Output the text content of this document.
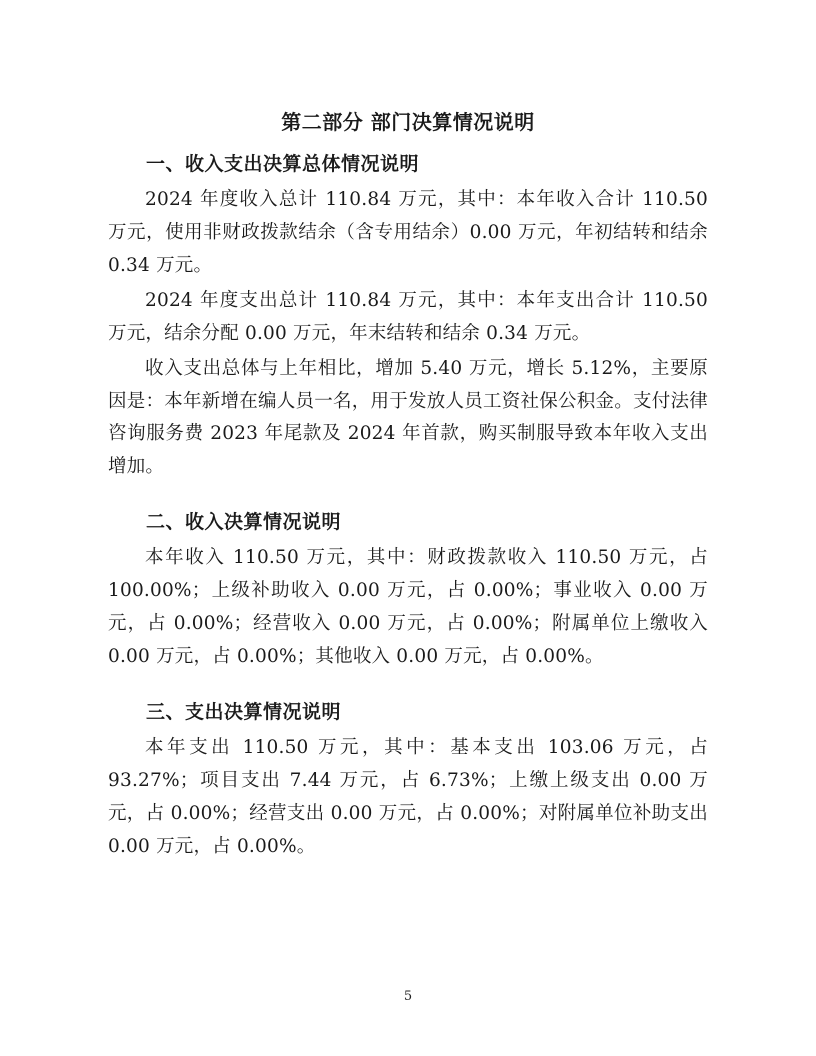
第二部分 部门决算情况说明
一、收入支出决算总体情况说明

2024 年度收入总计 110.84 万元，其中：本年收入合计 110.50 万元，使用非财政拨款结余（含专用结余）0.00 万元，年初结转和结余 0.34 万元。

2024 年度支出总计 110.84 万元，其中：本年支出合计 110.50 万元，结余分配 0.00 万元，年末结转和结余 0.34 万元。

收入支出总体与上年相比，增加 5.40 万元，增长 5.12%，主要原因是：本年新增在编人员一名，用于发放人员工资社保公积金。支付法律咨询服务费 2023 年尾款及 2024 年首款，购买制服导致本年收入支出增加。

二、收入决算情况说明

本年收入 110.50 万元，其中：财政拨款收入 110.50 万元，占 100.00%；上级补助收入 0.00 万元，占 0.00%；事业收入 0.00 万元，占 0.00%；经营收入 0.00 万元，占 0.00%；附属单位上缴收入 0.00 万元，占 0.00%；其他收入 0.00 万元，占 0.00%。

三、支出决算情况说明

本年支出 110.50 万元，其中：基本支出 103.06 万元，占 93.27%；项目支出 7.44 万元，占 6.73%；上缴上级支出 0.00 万元，占 0.00%；经营支出 0.00 万元，占 0.00%；对附属单位补助支出 0.00 万元，占 0.00%。

5
